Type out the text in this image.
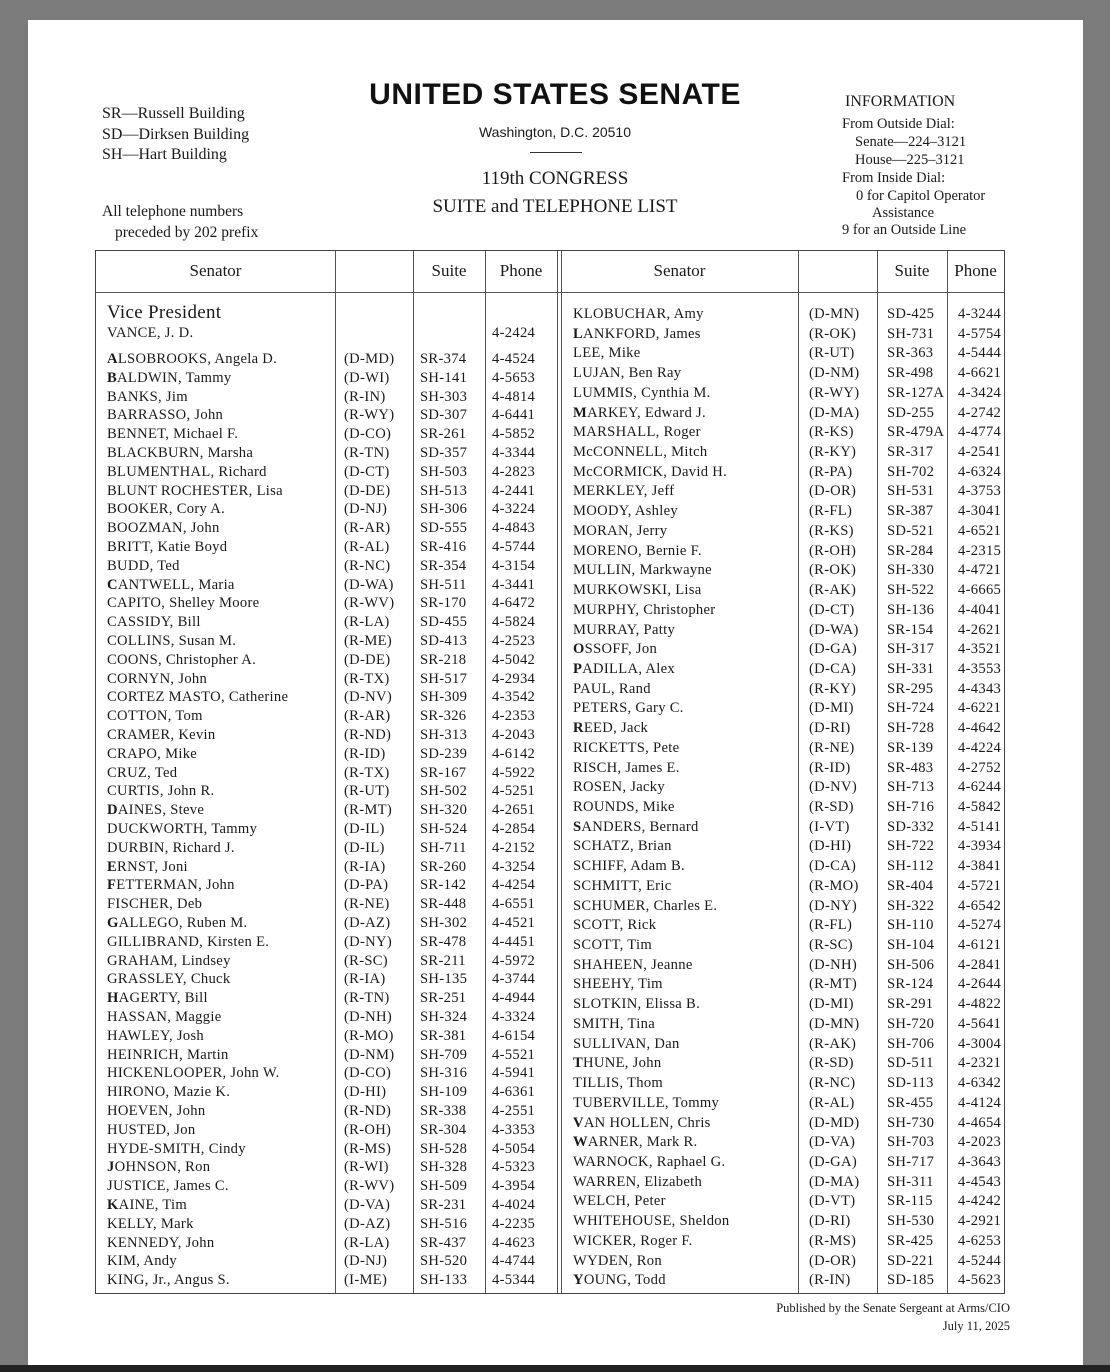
UNITED STATES SENATE
Washington, D.C. 20510
119th CONGRESS
SUITE and TELEPHONE LIST
SR—Russell Building
SD—Dirksen Building
SH—Hart Building
All telephone numbers
preceded by 202 prefix
INFORMATION
From Outside Dial:
Senate—224–3121
House—225–3121
From Inside Dial:
0 for Capitol Operator
Assistance
9 for an Outside Line
Senator	Suite	Phone	Senator	Suite	Phone
Vice President
VANCE, J. D.	4-2424
ALSOBROOKS, Angela D.	(D-MD) SR-374 4-4524
BALDWIN, Tammy	(D-WI) SH-141 4-5653
BANKS, Jim	(R-IN) SH-303 4-4814
BARRASSO, John	(R-WY) SD-307 4-6441
BENNET, Michael F.	(D-CO) SR-261 4-5852
BLACKBURN, Marsha	(R-TN) SD-357 4-3344
BLUMENTHAL, Richard	(D-CT) SH-503 4-2823
BLUNT ROCHESTER, Lisa	(D-DE) SH-513 4-2441
BOOKER, Cory A.	(D-NJ) SH-306 4-3224
BOOZMAN, John	(R-AR) SD-555 4-4843
BRITT, Katie Boyd	(R-AL) SR-416 4-5744
BUDD, Ted	(R-NC) SR-354 4-3154
CANTWELL, Maria	(D-WA) SH-511 4-3441
CAPITO, Shelley Moore	(R-WV) SR-170 4-6472
CASSIDY, Bill	(R-LA) SD-455 4-5824
COLLINS, Susan M.	(R-ME) SD-413 4-2523
COONS, Christopher A.	(D-DE) SR-218 4-5042
CORNYN, John	(R-TX) SH-517 4-2934
CORTEZ MASTO, Catherine	(D-NV) SH-309 4-3542
COTTON, Tom	(R-AR) SR-326 4-2353
CRAMER, Kevin	(R-ND) SH-313 4-2043
CRAPO, Mike	(R-ID) SD-239 4-6142
CRUZ, Ted	(R-TX) SR-167 4-5922
CURTIS, John R.	(R-UT) SH-502 4-5251
DAINES, Steve	(R-MT) SH-320 4-2651
DUCKWORTH, Tammy	(D-IL) SH-524 4-2854
DURBIN, Richard J.	(D-IL) SH-711 4-2152
ERNST, Joni	(R-IA) SR-260 4-3254
FETTERMAN, John	(D-PA) SR-142 4-4254
FISCHER, Deb	(R-NE) SR-448 4-6551
GALLEGO, Ruben M.	(D-AZ) SH-302 4-4521
GILLIBRAND, Kirsten E.	(D-NY) SR-478 4-4451
GRAHAM, Lindsey	(R-SC) SR-211 4-5972
GRASSLEY, Chuck	(R-IA) SH-135 4-3744
HAGERTY, Bill	(R-TN) SR-251 4-4944
HASSAN, Maggie	(D-NH) SH-324 4-3324
HAWLEY, Josh	(R-MO) SR-381 4-6154
HEINRICH, Martin	(D-NM) SH-709 4-5521
HICKENLOOPER, John W.	(D-CO) SH-316 4-5941
HIRONO, Mazie K.	(D-HI) SH-109 4-6361
HOEVEN, John	(R-ND) SR-338 4-2551
HUSTED, Jon	(R-OH) SR-304 4-3353
HYDE-SMITH, Cindy	(R-MS) SH-528 4-5054
JOHNSON, Ron	(R-WI) SH-328 4-5323
JUSTICE, James C.	(R-WV) SH-509 4-3954
KAINE, Tim	(D-VA) SR-231 4-4024
KELLY, Mark	(D-AZ) SH-516 4-2235
KENNEDY, John	(R-LA) SR-437 4-4623
KIM, Andy	(D-NJ) SH-520 4-4744
KING, Jr., Angus S.	(I-ME) SH-133 4-5344
KLOBUCHAR, Amy	(D-MN) SD-425 4-3244
LANKFORD, James	(R-OK) SH-731 4-5754
LEE, Mike	(R-UT) SR-363 4-5444
LUJAN, Ben Ray	(D-NM) SR-498 4-6621
LUMMIS, Cynthia M.	(R-WY) SR-127A 4-3424
MARKEY, Edward J.	(D-MA) SD-255 4-2742
MARSHALL, Roger	(R-KS) SR-479A 4-4774
McCONNELL, Mitch	(R-KY) SR-317 4-2541
McCORMICK, David H.	(R-PA) SH-702 4-6324
MERKLEY, Jeff	(D-OR) SH-531 4-3753
MOODY, Ashley	(R-FL) SR-387 4-3041
MORAN, Jerry	(R-KS) SD-521 4-6521
MORENO, Bernie F.	(R-OH) SR-284 4-2315
MULLIN, Markwayne	(R-OK) SH-330 4-4721
MURKOWSKI, Lisa	(R-AK) SH-522 4-6665
MURPHY, Christopher	(D-CT) SH-136 4-4041
MURRAY, Patty	(D-WA) SR-154 4-2621
OSSOFF, Jon	(D-GA) SH-317 4-3521
PADILLA, Alex	(D-CA) SH-331 4-3553
PAUL, Rand	(R-KY) SR-295 4-4343
PETERS, Gary C.	(D-MI) SH-724 4-6221
REED, Jack	(D-RI) SH-728 4-4642
RICKETTS, Pete	(R-NE) SR-139 4-4224
RISCH, James E.	(R-ID) SR-483 4-2752
ROSEN, Jacky	(D-NV) SH-713 4-6244
ROUNDS, Mike	(R-SD) SH-716 4-5842
SANDERS, Bernard	(I-VT)	SD-332 4-5141
SCHATZ, Brian	(D-HI) SH-722 4-3934
SCHIFF, Adam B.	(D-CA) SH-112 4-3841
SCHMITT, Eric	(R-MO) SR-404 4-5721
SCHUMER, Charles E.	(D-NY) SH-322 4-6542
SCOTT, Rick	(R-FL) SH-110 4-5274
SCOTT, Tim	(R-SC) SH-104 4-6121
SHAHEEN, Jeanne	(D-NH) SH-506 4-2841
SHEEHY, Tim	(R-MT) SR-124 4-2644
SLOTKIN, Elissa B.	(D-MI) SR-291 4-4822
SMITH, Tina	(D-MN) SH-720 4-5641
SULLIVAN, Dan	(R-AK) SH-706 4-3004
THUNE, John	(R-SD) SD-511 4-2321
TILLIS, Thom	(R-NC) SD-113 4-6342
TUBERVILLE, Tommy	(R-AL) SR-455 4-4124
VAN HOLLEN, Chris	(D-MD) SH-730 4-4654
WARNER, Mark R.	(D-VA) SH-703 4-2023
WARNOCK, Raphael G.	(D-GA) SH-717 4-3643
WARREN, Elizabeth	(D-MA) SH-311 4-4543
WELCH, Peter	(D-VT) SR-115 4-4242
WHITEHOUSE, Sheldon	(D-RI) SH-530 4-2921
WICKER, Roger F.	(R-MS) SR-425 4-6253
WYDEN, Ron	(D-OR) SD-221 4-5244
YOUNG, Todd	(R-IN) SD-185 4-5623
Published by the Senate Sergeant at Arms/CIO
July 11, 2025
